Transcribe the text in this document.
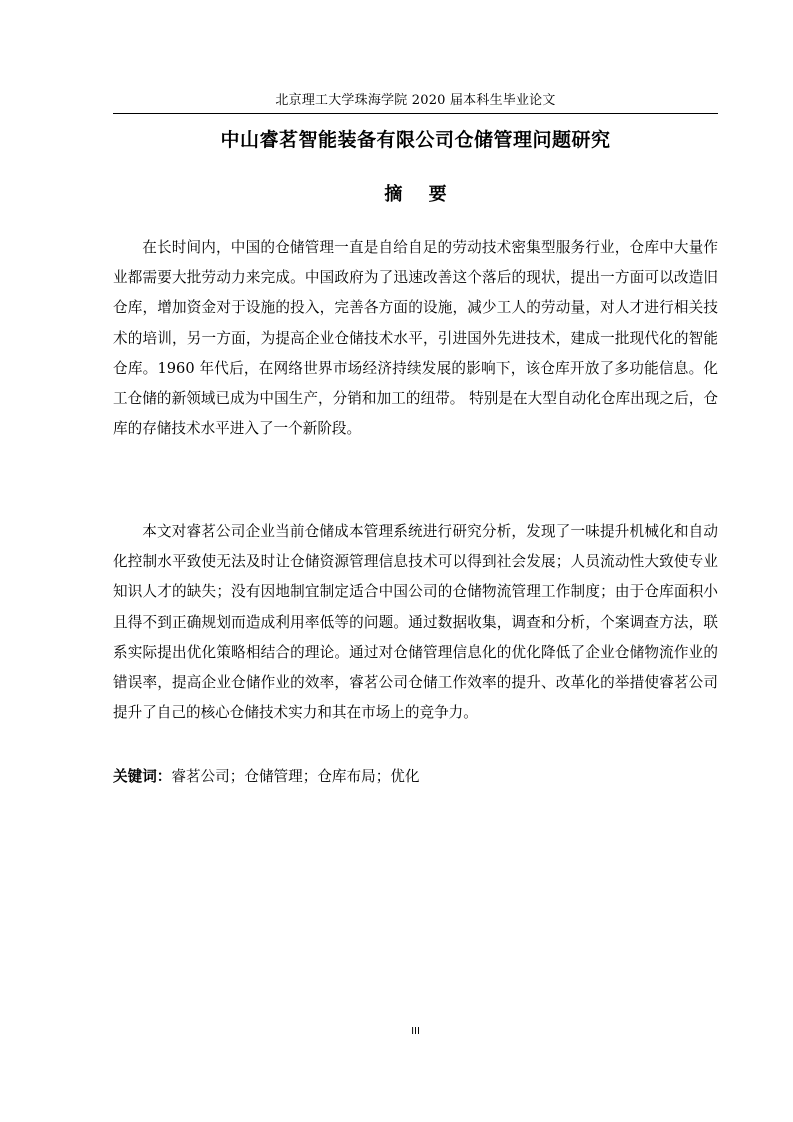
北京理工大学珠海学院 2020 届本科生毕业论文
中山睿茗智能装备有限公司仓储管理问题研究
摘 要

在长时间内，中国的仓储管理一直是自给自足的劳动技术密集型服务行业，仓库中大量作业都需要大批劳动力来完成。中国政府为了迅速改善这个落后的现状，提出一方面可以改造旧仓库，增加资金对于设施的投入，完善各方面的设施，减少工人的劳动量，对人才进行相关技术的培训，另一方面，为提高企业仓储技术水平，引进国外先进技术，建成一批现代化的智能仓库。1960 年代后，在网络世界市场经济持续发展的影响下，该仓库开放了多功能信息。化工仓储的新领域已成为中国生产，分销和加工的纽带。 特别是在大型自动化仓库出现之后，仓库的存储技术水平进入了一个新阶段。

本文对睿茗公司企业当前仓储成本管理系统进行研究分析，发现了一味提升机械化和自动化控制水平致使无法及时让仓储资源管理信息技术可以得到社会发展；人员流动性大致使专业知识人才的缺失；没有因地制宜制定适合中国公司的仓储物流管理工作制度；由于仓库面积小且得不到正确规划而造成利用率低等的问题。通过数据收集，调查和分析，个案调查方法，联系实际提出优化策略相结合的理论。通过对仓储管理信息化的优化降低了企业仓储物流作业的错误率，提高企业仓储作业的效率，睿茗公司仓储工作效率的提升、改革化的举措使睿茗公司提升了自己的核心仓储技术实力和其在市场上的竞争力。

关键词：睿茗公司；仓储管理；仓库布局；优化
III
